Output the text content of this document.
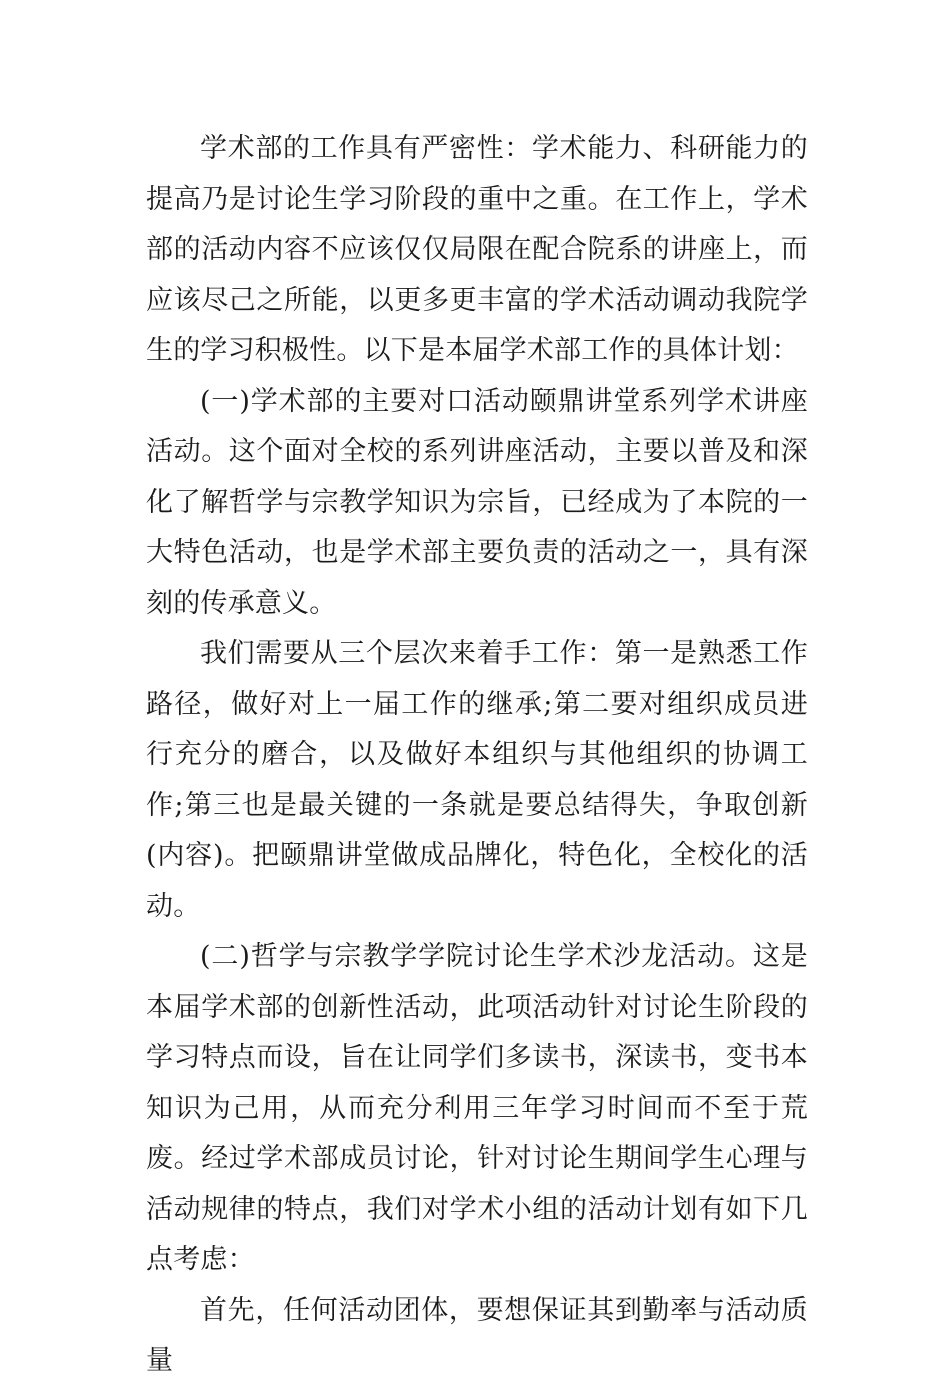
学术部的工作具有严密性：学术能力、科研能力的提高乃是讨论生学习阶段的重中之重。在工作上，学术部的活动内容不应该仅仅局限在配合院系的讲座上，而应该尽己之所能，以更多更丰富的学术活动调动我院学生的学习积极性。以下是本届学术部工作的具体计划：

(一)学术部的主要对口活动颐鼎讲堂系列学术讲座活动。这个面对全校的系列讲座活动，主要以普及和深化了解哲学与宗教学知识为宗旨，已经成为了本院的一大特色活动，也是学术部主要负责的活动之一，具有深刻的传承意义。

我们需要从三个层次来着手工作：第一是熟悉工作路径，做好对上一届工作的继承;第二要对组织成员进行充分的磨合，以及做好本组织与其他组织的协调工作;第三也是最关键的一条就是要总结得失，争取创新(内容)。把颐鼎讲堂做成品牌化，特色化，全校化的活动。

(二)哲学与宗教学学院讨论生学术沙龙活动。这是本届学术部的创新性活动，此项活动针对讨论生阶段的学习特点而设，旨在让同学们多读书，深读书，变书本知识为己用，从而充分利用三年学习时间而不至于荒废。经过学术部成员讨论，针对讨论生期间学生心理与活动规律的特点，我们对学术小组的活动计划有如下几点考虑：

首先，任何活动团体，要想保证其到勤率与活动质量
